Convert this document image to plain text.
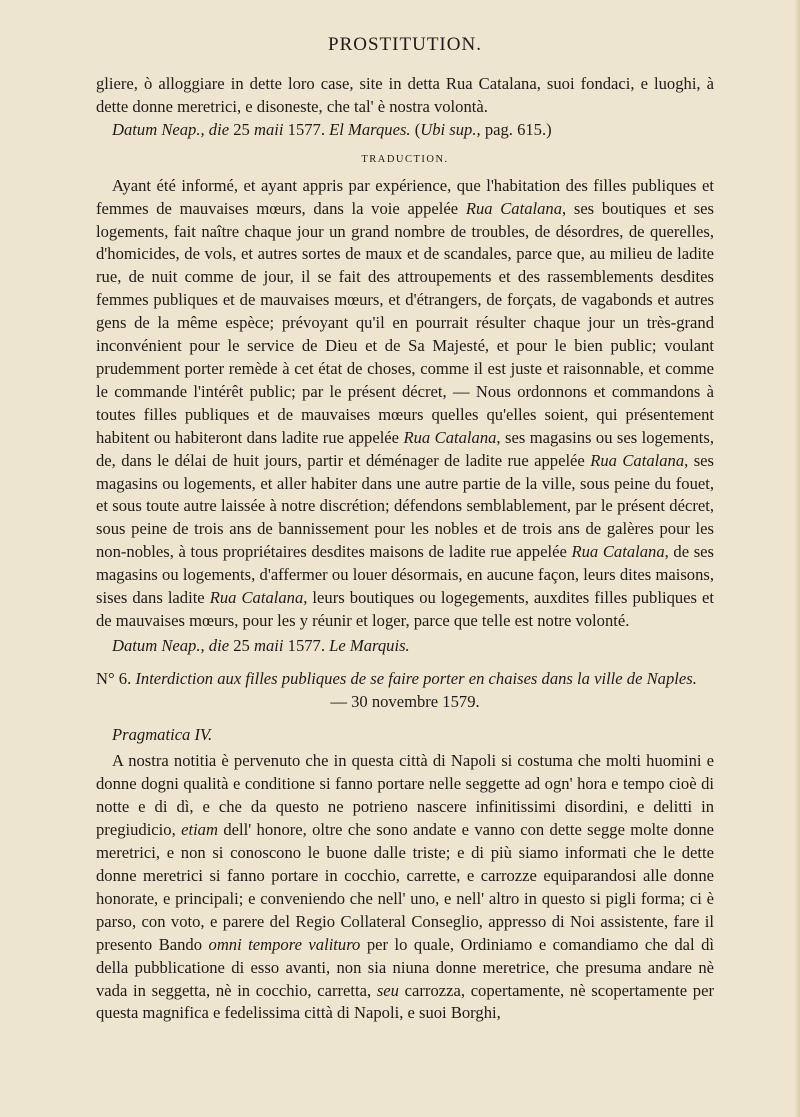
PROSTITUTION.

gliere, ò alloggiare in dette loro case, site in detta Rua Catalana, suoi fondaci, e luoghi, à dette donne meretrici, e disoneste, che tal' è nostra volontà.

Datum Neap., die 25 maii 1577. El Marques. (Ubi sup., pag. 615.)

TRADUCTION.

Ayant été informé, et ayant appris par expérience, que l'habitation des filles publiques et femmes de mauvaises mœurs, dans la voie appelée Rua Catalana, ses boutiques et ses logements, fait naître chaque jour un grand nombre de troubles, de désordres, de querelles, d'homicides, de vols, et autres sortes de maux et de scandales, parce que, au milieu de ladite rue, de nuit comme de jour, il se fait des attroupements et des rassemblements desdites femmes publiques et de mauvaises mœurs, et d'étrangers, de forçats, de vagabonds et autres gens de la même espèce; prévoyant qu'il en pourrait résulter chaque jour un très-grand inconvénient pour le service de Dieu et de Sa Majesté, et pour le bien public; voulant prudemment porter remède à cet état de choses, comme il est juste et raisonnable, et comme le commande l'intérêt public; par le présent décret, — Nous ordonnons et commandons à toutes filles publiques et de mauvaises mœurs quelles qu'elles soient, qui présentement habitent ou habiteront dans ladite rue appelée Rua Catalana, ses magasins ou ses logements, de, dans le délai de huit jours, partir et déménager de ladite rue appelée Rua Catalana, ses magasins ou logements, et aller habiter dans une autre partie de la ville, sous peine du fouet, et sous toute autre laissée à notre discrétion; défendons semblablement, par le présent décret, sous peine de trois ans de bannissement pour les nobles et de trois ans de galères pour les non-nobles, à tous propriétaires desdites maisons de ladite rue appelée Rua Catalana, de ses magasins ou logements, d'affermer ou louer désormais, en aucune façon, leurs dites maisons, sises dans ladite Rua Catalana, leurs boutiques ou logegements, auxdites filles publiques et de mauvaises mœurs, pour les y réunir et loger, parce que telle est notre volonté.

Datum Neap., die 25 maii 1577. Le Marquis.

N° 6. Interdiction aux filles publiques de se faire porter en chaises dans la ville de Naples.

— 30 novembre 1579.

Pragmatica IV.

A nostra notitia è pervenuto che in questa città di Napoli si costuma che molti huomini e donne dogni qualità e conditione si fanno portare nelle seggette ad ogn' hora e tempo cioè di notte e di dì, e che da questo ne potrieno nascere infinitissimi disordini, e delitti in pregiudicio, etiam dell' honore, oltre che sono andate e vanno con dette segge molte donne meretrici, e non si conoscono le buone dalle triste; e di più siamo informati che le dette donne meretrici si fanno portare in cocchio, carrette, e carrozze equiparandosi alle donne honorate, e principali; e conveniendo che nell' uno, e nell' altro in questo si pigli forma; ci è parso, con voto, e parere del Regio Collateral Conseglio, appresso di Noi assistente, fare il presento Bando omni tempore valituro per lo quale, Ordiniamo e comandiamo che dal dì della pubblicatione di esso avanti, non sia niuna donne meretrice, che presuma andare nè vada in seggetta, nè in cocchio, carretta, seu carrozza, copertamente, nè scopertamente per questa magnifica e fedelissima città di Napoli, e suoi Borghi,
